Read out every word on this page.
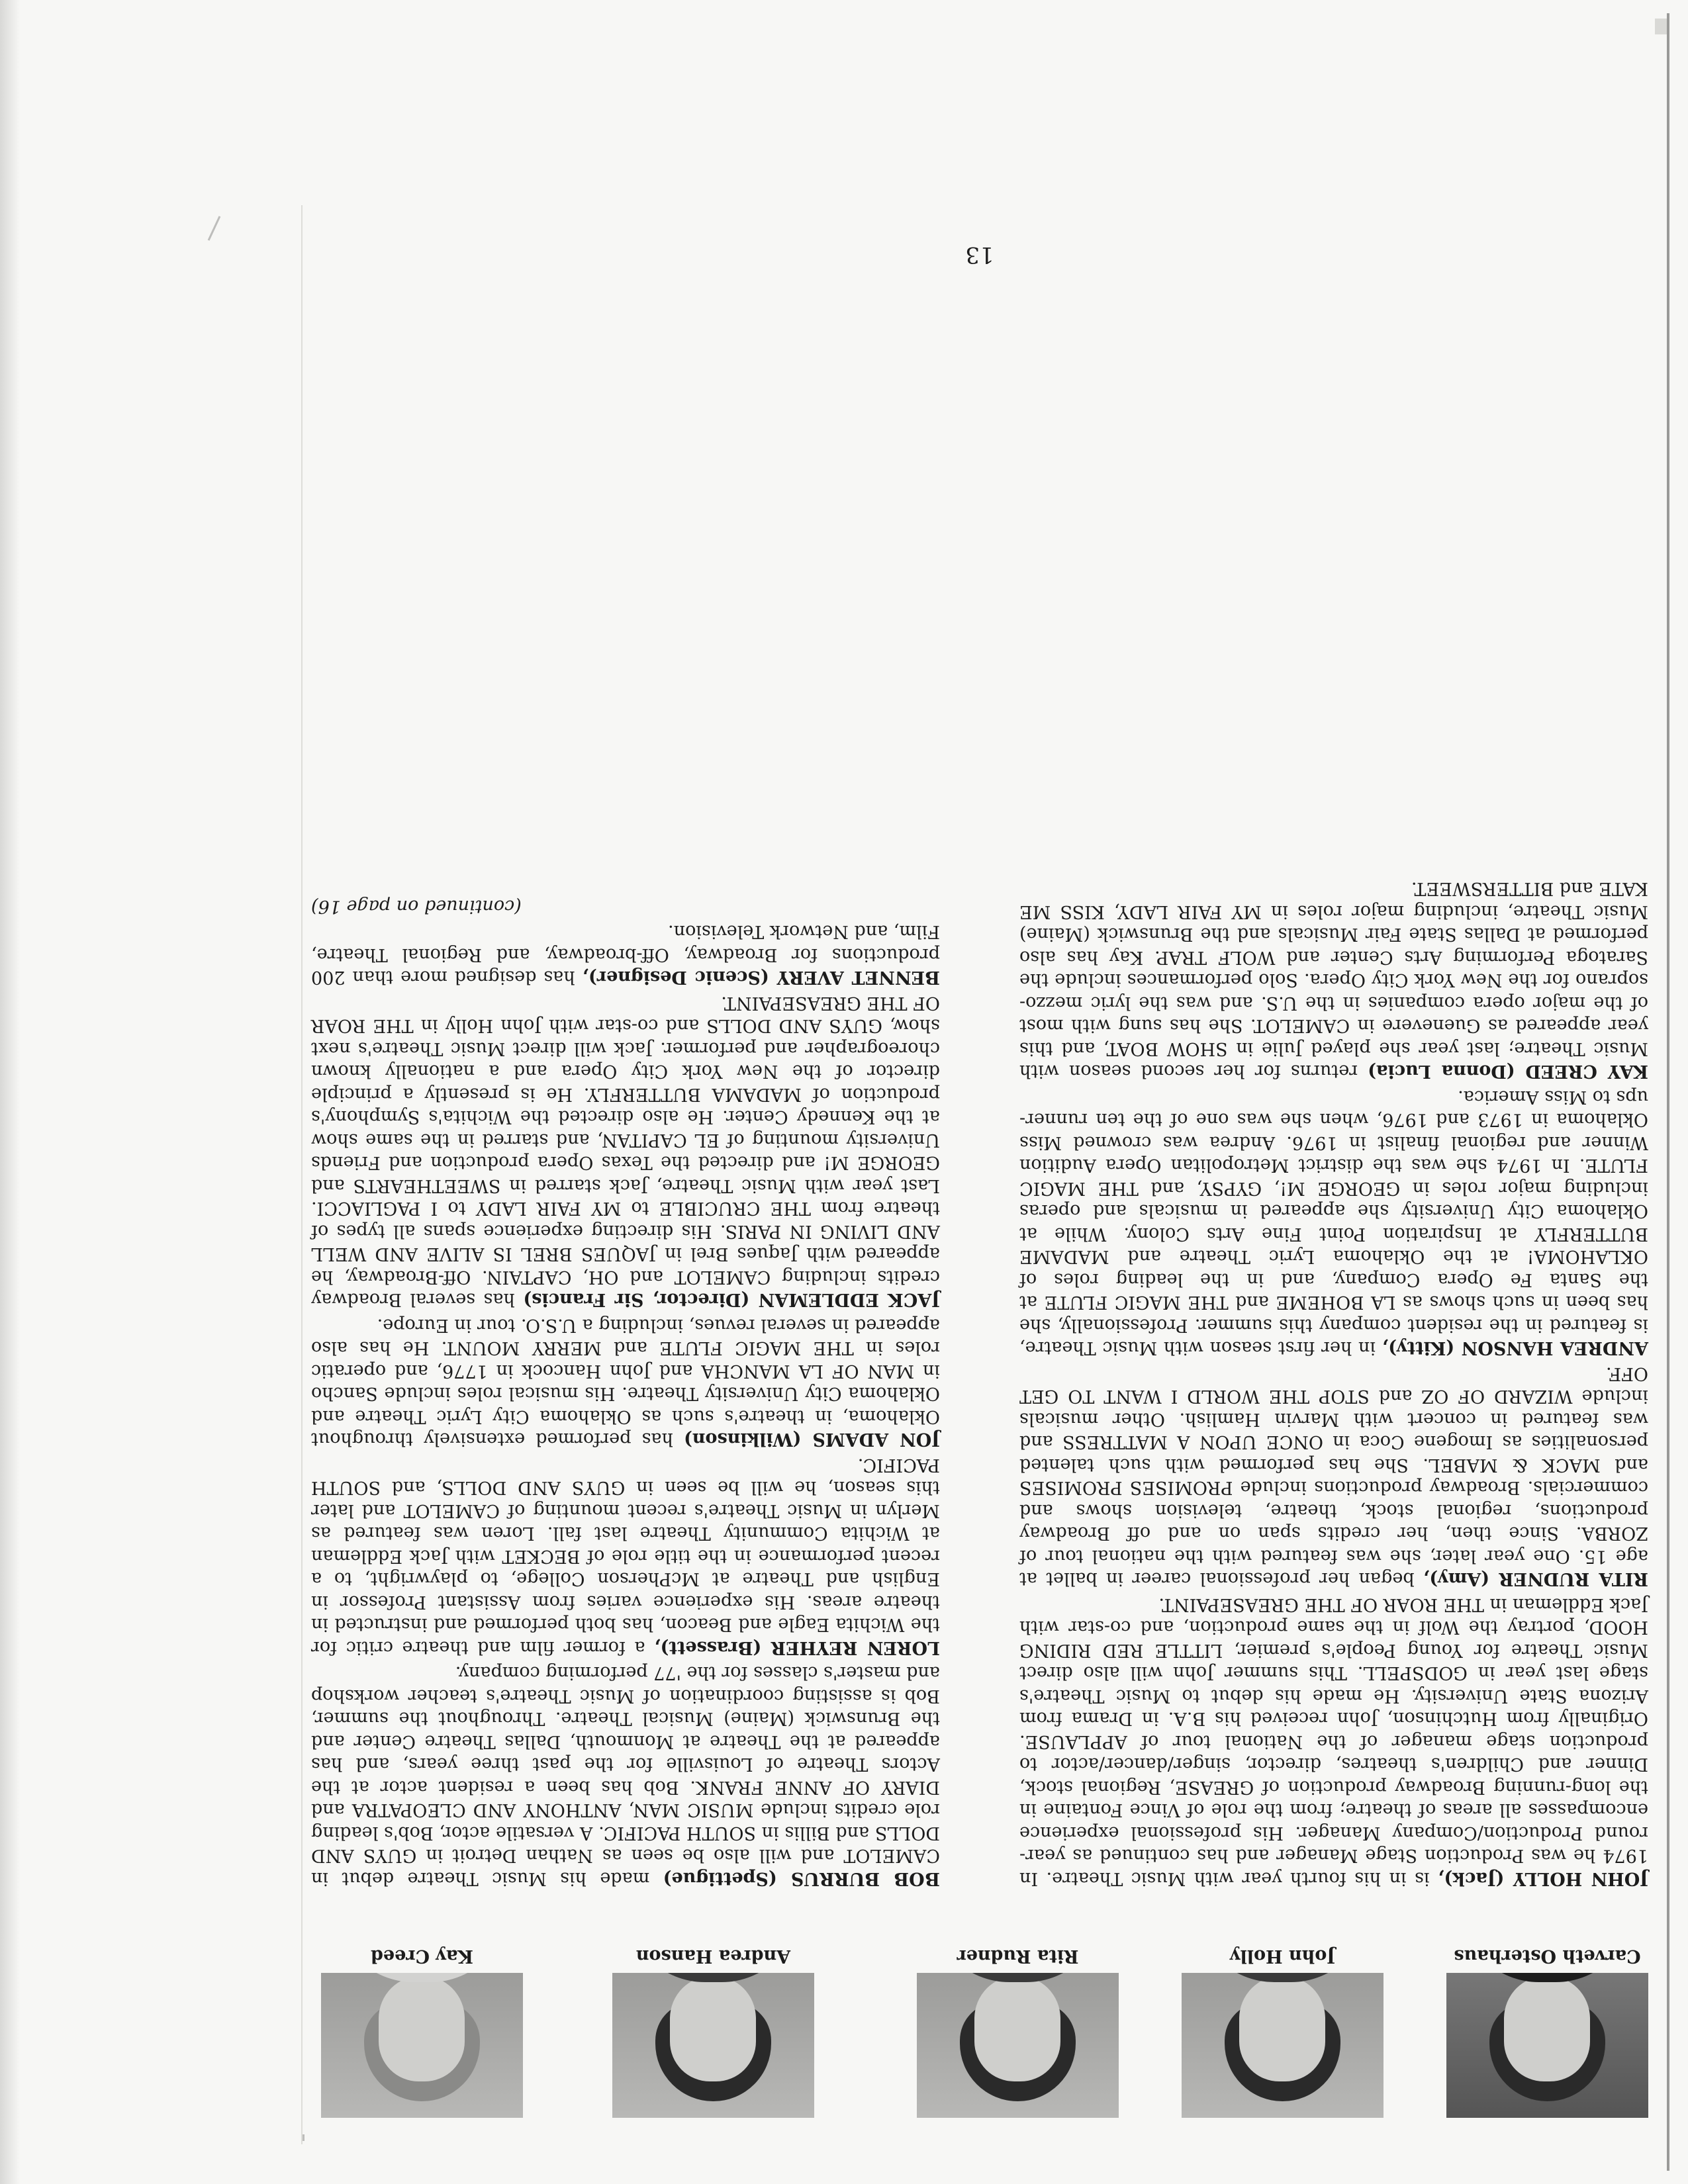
Carveth Osterhaus
John Holly
Rita Rudner
Andrea Hanson
Kay Creed

JOHN HOLLY (Jack), is in his fourth year with Music Theatre. In 1974 he was Production Stage Manager and has continued as year-round Production/Company Manager. His professional experience encompasses all areas of theatre; from the role of Vince Fontaine in the long-running Broadway production of GREASE, Regional stock, Dinner and Children's theatres, director, singer/dancer/actor to production stage manager of the National tour of APPLAUSE. Originally from Hutchinson, John received his B.A. in Drama from Arizona State University. He made his debut to Music Theatre's stage last year in GODSPELL. This summer John will also direct Music Theatre for Young People's premier, LITTLE RED RIDING HOOD, portray the Wolf in the same production, and co-star with Jack Eddleman in THE ROAR OF THE GREASEPAINT.

RITA RUDNER (Amy), began her professional career in ballet at age 15. One year later, she was featured with the national tour of ZORBA. Since then, her credits span on and off Broadway productions, regional stock, theatre, television shows and commercials. Broadway productions include PROMISES PROMISES and MACK & MABEL. She has performed with such talented personalities as Imogene Coca in ONCE UPON A MATTRESS and was featured in concert with Marvin Hamlish. Other musicals include WIZARD OF OZ and STOP THE WORLD I WANT TO GET OFF.

ANDREA HANSON (Kitty), in her first season with Music Theatre, is featured in the resident company this summer. Professionally, she has been in such shows as LA BOHEME and THE MAGIC FLUTE at the Santa Fe Opera Company, and in the leading roles of OKLAHOMA! at the Oklahoma Lyric Theatre and MADAME BUTTERFLY at Inspiration Point Fine Arts Colony. While at Oklahoma City University she appeared in musicals and operas including major roles in GEORGE M!, GYPSY, and THE MAGIC FLUTE. In 1974 she was the district Metropolitan Opera Audition Winner and regional finalist in 1976. Andrea was crowned Miss Oklahoma in 1973 and 1976, when she was one of the ten runner-ups to Miss America.

KAY CREED (Donna Lucia) returns for her second season with Music Theatre; last year she played Julie in SHOW BOAT, and this year appeared as Guenevere in CAMELOT. She has sung with most of the major opera companies in the U.S. and was the lyric mezzo-soprano for the New York City Opera. Solo performances include the Saratoga Performing Arts Center and WOLF TRAP. Kay has also performed at Dallas State Fair Musicals and the Brunswick (Maine) Music Theatre, including major roles in MY FAIR LADY, KISS ME KATE and BITTERSWEET.

BOB BURRUS (Spettigue) made his Music Theatre debut in CAMELOT and will also be seen as Nathan Detroit in GUYS AND DOLLS and Billis in SOUTH PACIFIC. A versatile actor, Bob's leading role credits include MUSIC MAN, ANTHONY AND CLEOPATRA and DIARY OF ANNE FRANK. Bob has been a resident actor at the Actors Theatre of Louisville for the past three years, and has appeared at the Theatre at Monmouth, Dallas Theatre Center and the Brunswick (Maine) Musical Theatre. Throughout the summer, Bob is assisting coordination of Music Theatre's teacher workshop and master's classes for the '77 performing company.

LOREN REYHER (Brassett), a former film and theatre critic for the Wichita Eagle and Beacon, has both performed and instructed in theatre areas. His experience varies from Assistant Professor in English and Theatre at McPherson College, to playwright, to a recent performance in the title role of BECKET with Jack Eddleman at Wichita Community Theatre last fall. Loren was featured as Merlyn in Music Theatre's recent mounting of CAMELOT and later this season, he will be seen in GUYS AND DOLLS, and SOUTH PACIFIC.

JON ADAMS (Wilkinson) has performed extensively throughout Oklahoma, in theatre's such as Oklahoma City Lyric Theatre and Oklahoma City University Theatre. His musical roles include Sancho in MAN OF LA MANCHA and John Hancock in 1776, and operatic roles in THE MAGIC FLUTE and MERRY MOUNT. He has also appeared in several revues, including a U.S.O. tour in Europe.

JACK EDDLEMAN (Director, Sir Francis) has several Broadway credits including CAMELOT and OH, CAPTAIN. Off-Broadway, he appeared with Jaques Brel in JAQUES BREL IS ALIVE AND WELL AND LIVING IN PARIS. His directing experience spans all types of theatre from THE CRUCIBLE to MY FAIR LADY to I PAGLIACCI. Last year with Music Theatre, Jack starred in SWEETHEARTS and GEORGE M! and directed the Texas Opera production and Friends University mounting of EL CAPITAN, and starred in the same show at the Kennedy Center. He also directed the Wichita's Symphony's production of MADAMA BUTTERFLY. He is presently a principle director of the New York City Opera and a nationally known choreographer and performer. Jack will direct Music Theatre's next show, GUYS AND DOLLS and co-star with John Holly in THE ROAR OF THE GREASEPAINT.

BENNET AVERY (Scenic Designer), has designed more than 200 productions for Broadway, Off-broadway, and Regional Theatre, Film, and Network Television.

(continued on page 16)

13
